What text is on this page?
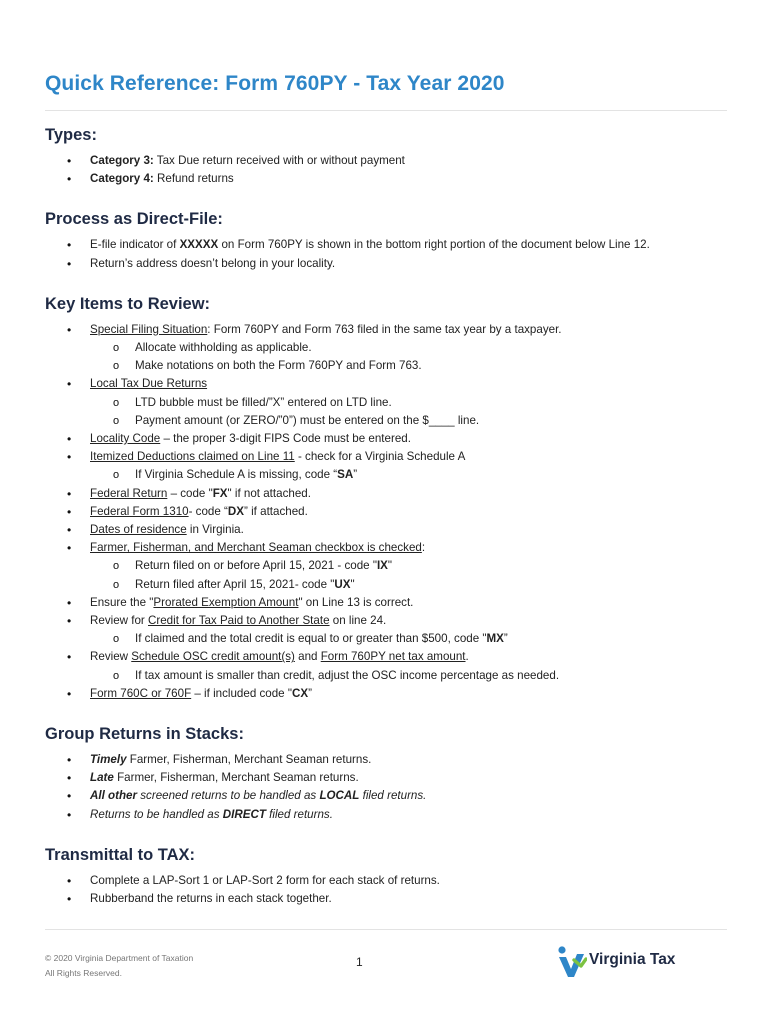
Quick Reference: Form 760PY - Tax Year 2020
Types:
• Category 3: Tax Due return received with or without payment
• Category 4: Refund returns
Process as Direct-File:
• E-file indicator of XXXXX on Form 760PY is shown in the bottom right portion of the document below Line 12.
• Return’s address doesn’t belong in your locality.
Key Items to Review:
• Special Filing Situation: Form 760PY and Form 763 filed in the same tax year by a taxpayer.
o Allocate withholding as applicable.
o Make notations on both the Form 760PY and Form 763.
• Local Tax Due Returns
o LTD bubble must be filled/”X” entered on LTD line.
o Payment amount (or ZERO/”0”) must be entered on the $____ line.
• Locality Code – the proper 3-digit FIPS Code must be entered.
• Itemized Deductions claimed on Line 11 - check for a Virginia Schedule A
o If Virginia Schedule A is missing, code “SA”
• Federal Return – code "FX" if not attached.
• Federal Form 1310- code “DX” if attached.
• Dates of residence in Virginia.
• Farmer, Fisherman, and Merchant Seaman checkbox is checked:
o Return filed on or before April 15, 2021 - code "IX"
o Return filed after April 15, 2021- code "UX"
• Ensure the "Prorated Exemption Amount" on Line 13 is correct.
• Review for Credit for Tax Paid to Another State on line 24.
o If claimed and the total credit is equal to or greater than $500, code "MX”
• Review Schedule OSC credit amount(s) and Form 760PY net tax amount.
o If tax amount is smaller than credit, adjust the OSC income percentage as needed.
• Form 760C or 760F – if included code "CX”
Group Returns in Stacks:
• Timely Farmer, Fisherman, Merchant Seaman returns.
• Late Farmer, Fisherman, Merchant Seaman returns.
• All other screened returns to be handled as LOCAL filed returns.
• Returns to be handled as DIRECT filed returns.
Transmittal to TAX:
• Complete a LAP-Sort 1 or LAP-Sort 2 form for each stack of returns.
• Rubberband the returns in each stack together.
© 2020 Virginia Department of Taxation
All Rights Reserved.
1	Virginia Tax
